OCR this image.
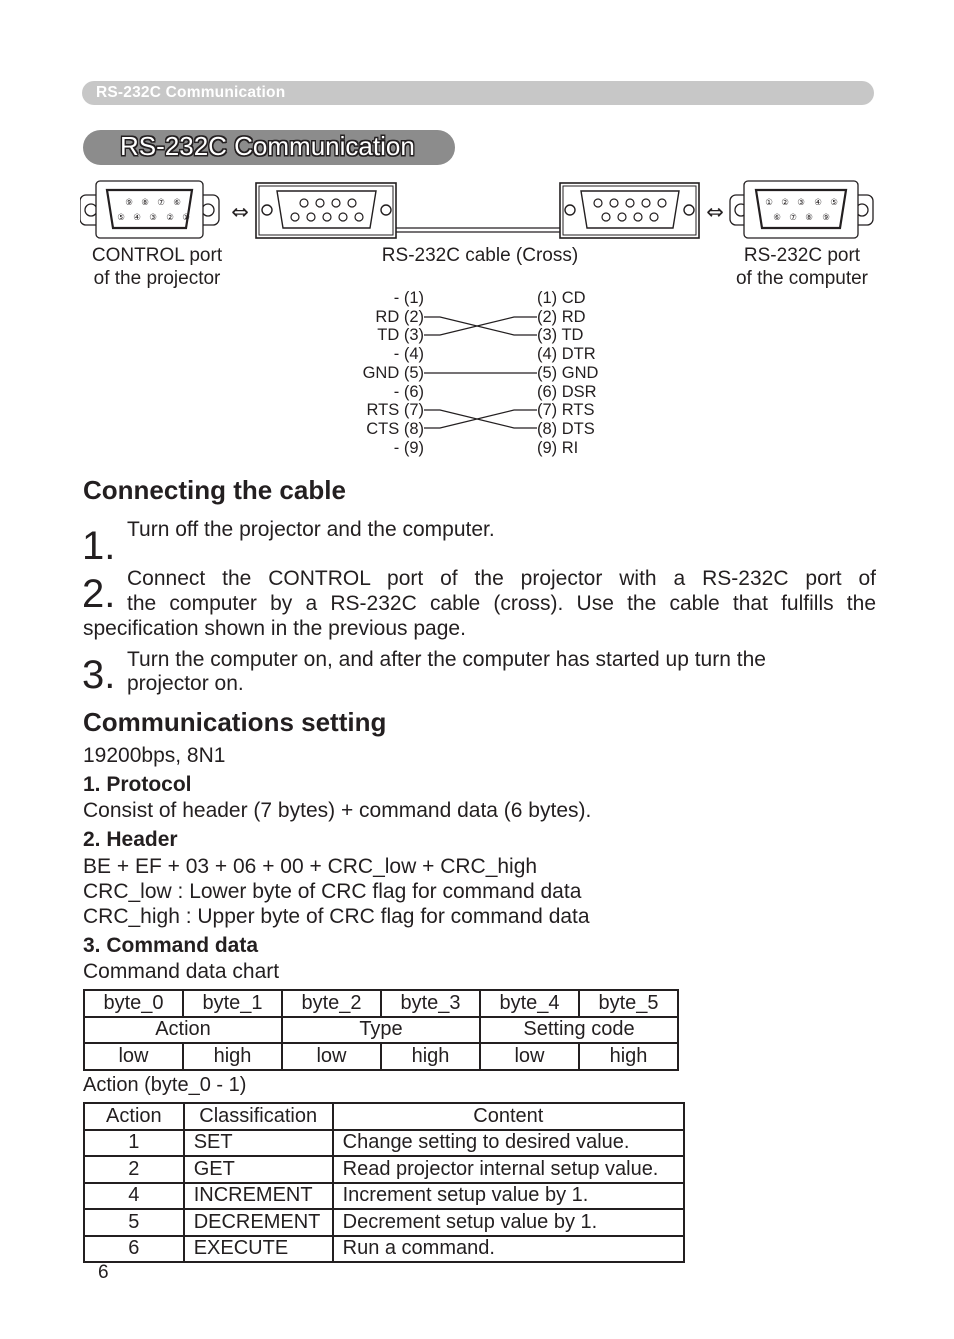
RS-232C Communication
RS-232C Communication
⇔	⇔
⑨ ⑧ ⑦ ⑥
⑤ ④ ③ ② ①
① ② ③ ④ ⑤
⑥ ⑦ ⑧ ⑨
CONTROL port
of the projector
RS-232C cable (Cross)	RS-232C port
of the computer
- (1)
RD (2)
TD (3)
- (4)
GND (5)
- (6)
RTS (7)
CTS (8)
- (9)
(1) CD
(2) RD
(3) TD
(4) DTR
(5) GND
(6) DSR
(7) RTS
(8) DTS
(9) RI
Connecting the cable
1. Turn off the projector and the computer.
2. Connect the CONTROL port of the projector with a RS-232C port of
the computer by a RS-232C cable (cross). Use the cable that fulfills the
specification shown in the previous page.
3. Turn the computer on, and after the computer has started up turn the
projector on.
Communications setting
19200bps, 8N1
1. Protocol
Consist of header (7 bytes) + command data (6 bytes).
2. Header
BE + EF + 03 + 06 + 00 + CRC_low + CRC_high
CRC_low : Lower byte of CRC flag for command data
CRC_high : Upper byte of CRC flag for command data
3. Command data
Command data chart
byte_0	byte_1	byte_2	byte_3	byte_4	byte_5
Action		Type		Setting code	
low	high	low	high	low	high
Action (byte_0 - 1)
Action	Classification	Content
1	SET	Change setting to desired value.
2	GET	Read projector internal setup value.
4	INCREMENT	Increment setup value by 1.
5	DECREMENT	Decrement setup value by 1.
6	EXECUTE	Run a command.
6
